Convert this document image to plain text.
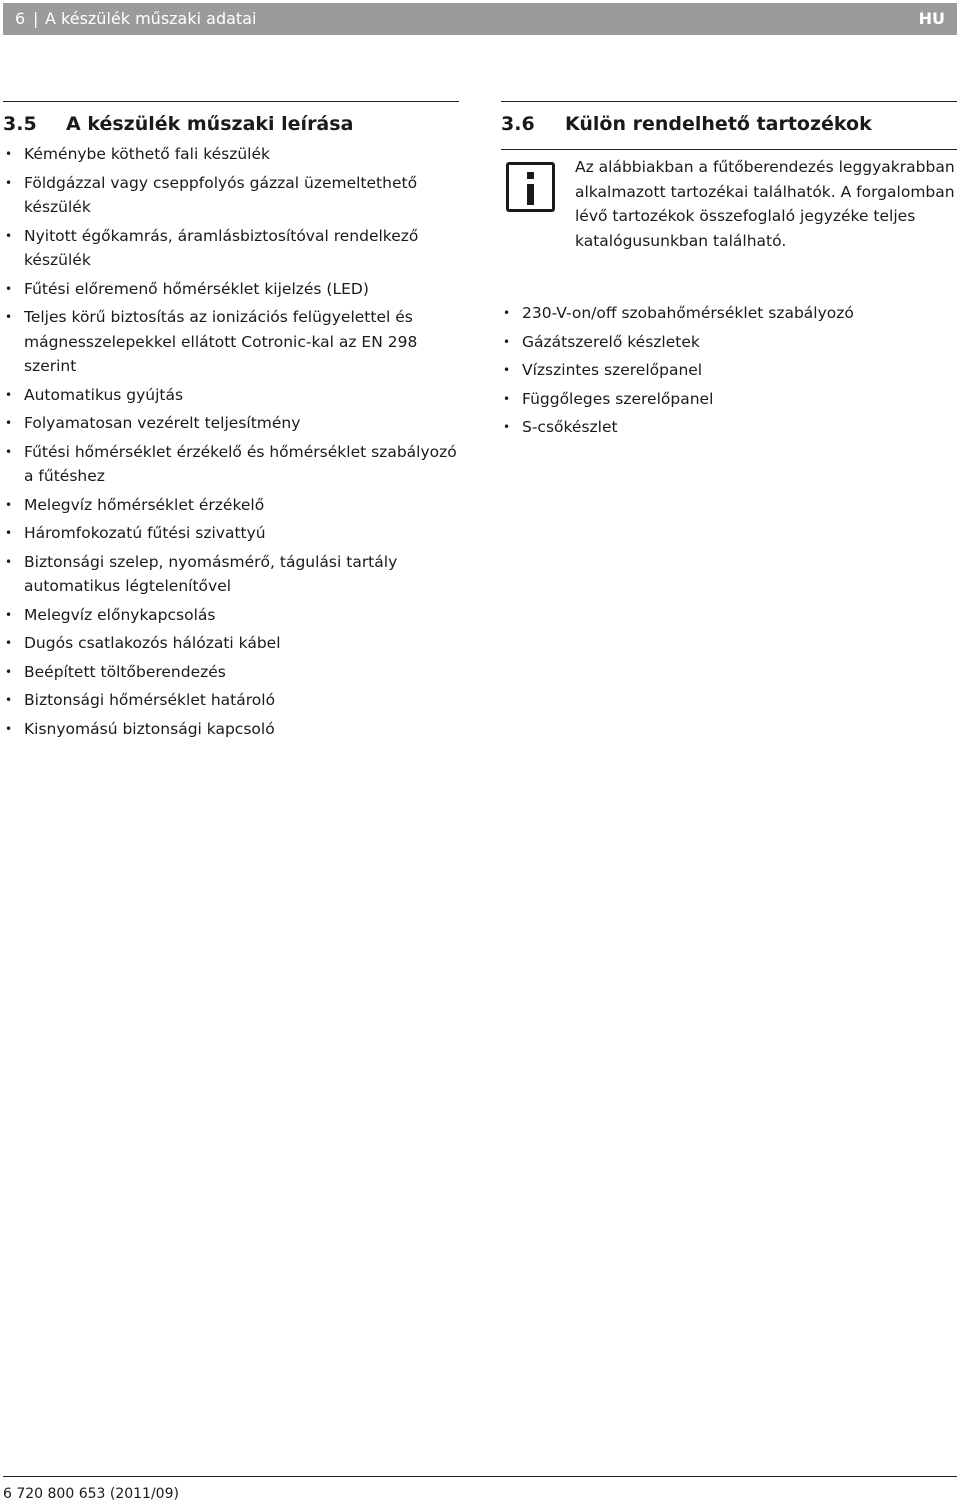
6 | A készülék műszaki adatai	HU
3.5	A készülék műszaki leírása
• Kéménybe köthető fali készülék
• Földgázzal vagy cseppfolyós gázzal üzemeltethető készülék
• Nyitott égőkamrás, áramlásbiztosítóval rendelkező készülék
• Fűtési előremenő hőmérséklet kijelzés (LED)
• Teljes körű biztosítás az ionizációs felügyelettel és mágnesszelepekkel ellátott Cotronic-kal az EN 298 szerint
• Automatikus gyújtás
• Folyamatosan vezérelt teljesítmény
• Fűtési hőmérséklet érzékelő és hőmérséklet szabályozó a fűtéshez
• Melegvíz hőmérséklet érzékelő
• Háromfokozatú fűtési szivattyú
• Biztonsági szelep, nyomásmérő, tágulási tartály automatikus légtelenítővel
• Melegvíz előnykapcsolás
• Dugós csatlakozós hálózati kábel
• Beépített töltőberendezés
• Biztonsági hőmérséklet határoló
• Kisnyomású biztonsági kapcsoló
3.6	Külön rendelhető tartozékok
Az alábbiakban a fűtőberendezés leggyakrabban alkalmazott tartozékai találhatók. A forgalomban lévő tartozékok összefoglaló jegyzéke teljes katalógusunkban található.
• 230-V-on/off szobahőmérséklet szabályozó
• Gázátszerelő készletek
• Vízszintes szerelőpanel
• Függőleges szerelőpanel
• S-csőkészlet
6 720 800 653 (2011/09)
